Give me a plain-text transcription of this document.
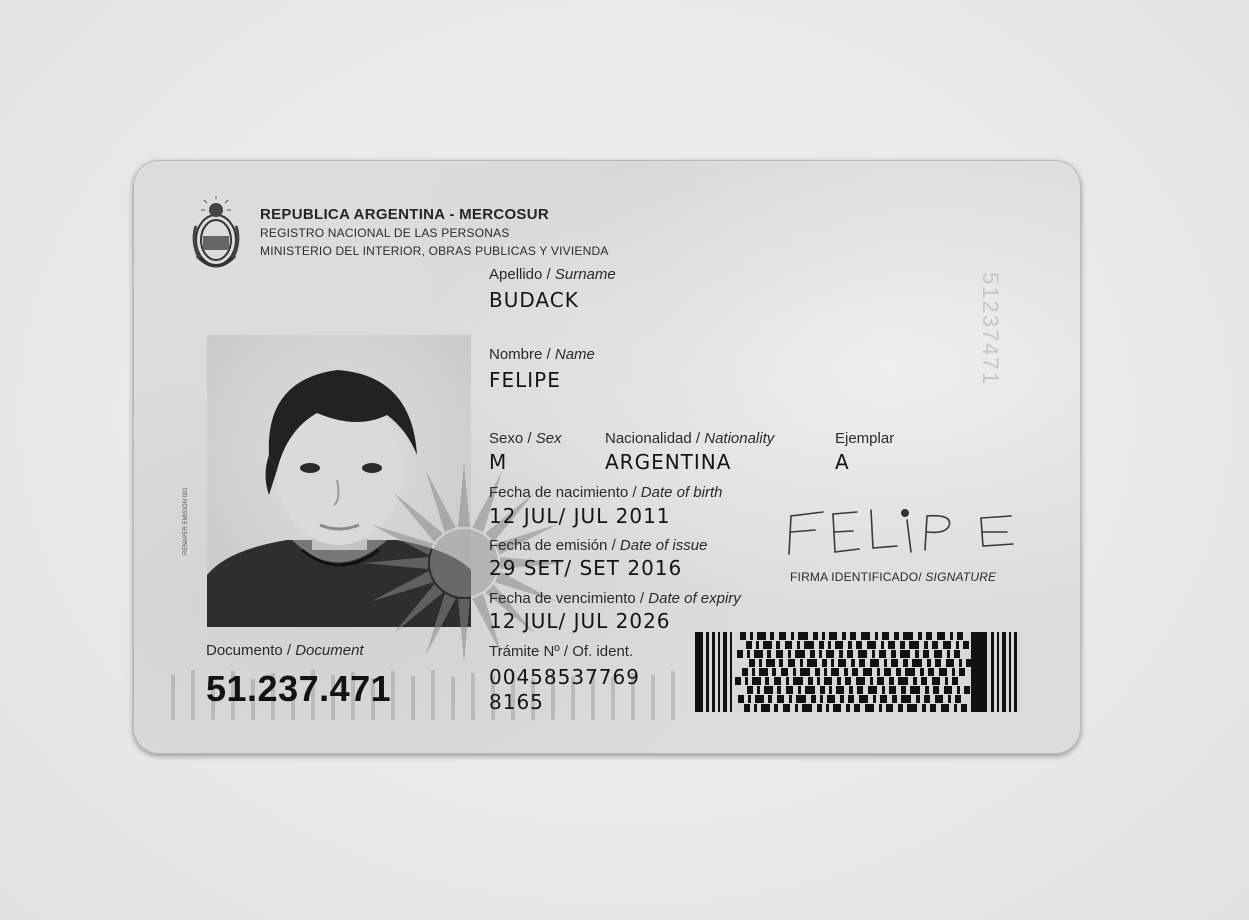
51237471
REPUBLICA ARGENTINA - MERCOSUR
REGISTRO NACIONAL DE LAS PERSONAS
MINISTERIO DEL INTERIOR, OBRAS PUBLICAS Y VIVIENDA
RENAPER EMISION 001
Apellido / Surname
BUDACK
Nombre / Name
FELIPE
Sexo / Sex
M
Nacionalidad / Nationality
ARGENTINA
Ejemplar
A
Fecha de nacimiento / Date of birth
12 JUL/ JUL 2011
Fecha de emisión / Date of issue
29 SET/ SET 2016
Fecha de vencimiento / Date of expiry
12 JUL/ JUL 2026
FIRMA IDENTIFICADO/ SIGNATURE
Documento / Document
51.237.471
Trámite Nº / Of. ident.
00458537769
8165
